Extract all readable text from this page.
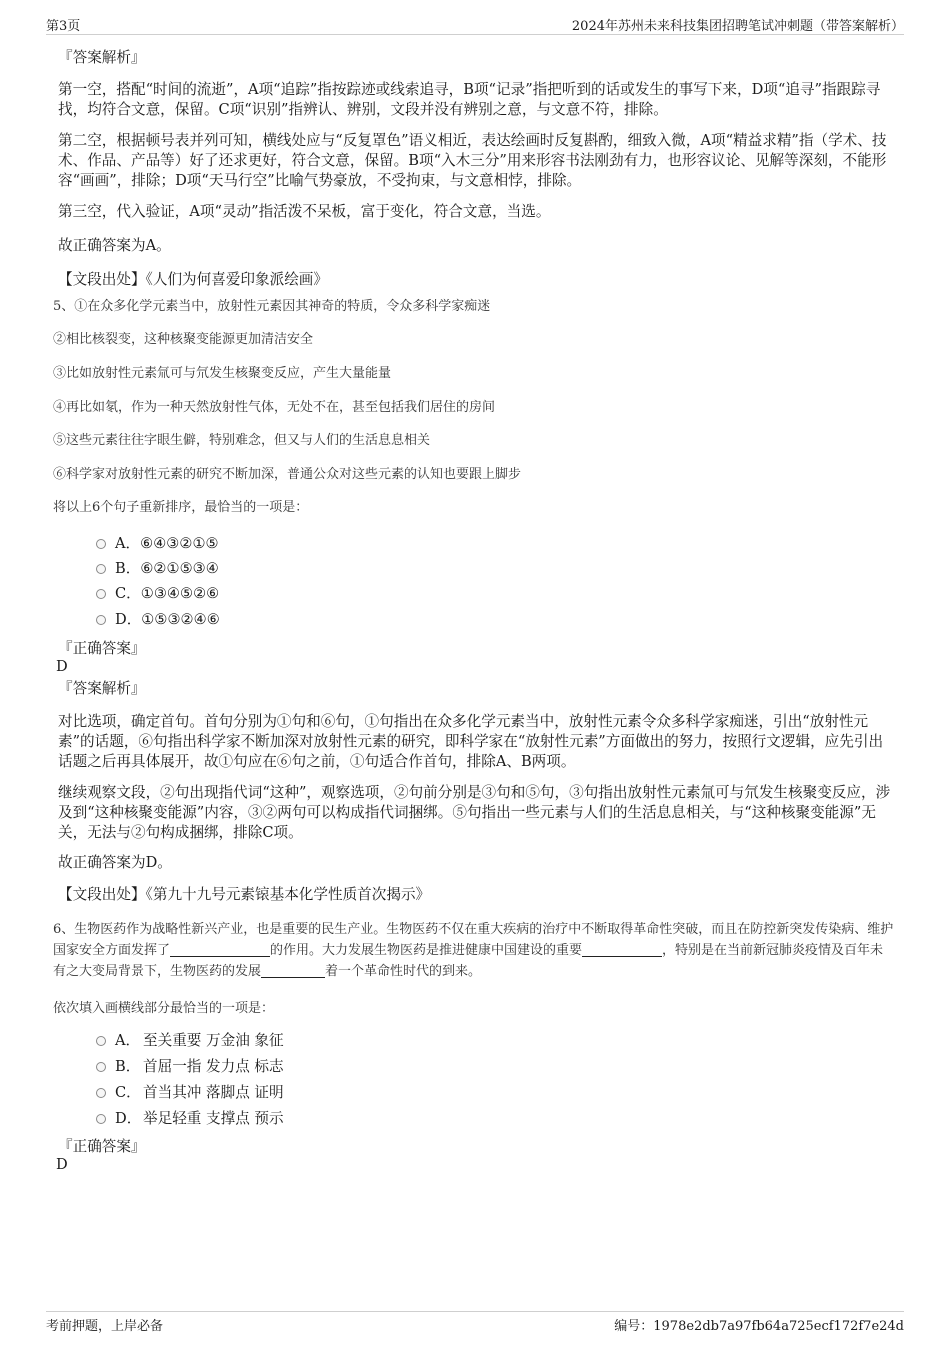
第3页	2024年苏州未来科技集团招聘笔试冲刺题（带答案解析）

『答案解析』

第一空，搭配“时间的流逝”，A项“追踪”指按踪迹或线索追寻，B项“记录”指把听到的话或发生的事写下来，D项“追寻”指跟踪寻找，均符合文意，保留。C项“识别”指辨认、辨别，文段并没有辨别之意，与文意不符，排除。

第二空，根据顿号表并列可知，横线处应与“反复罩色”语义相近，表达绘画时反复斟酌，细致入微，A项“精益求精”指（学术、技术、作品、产品等）好了还求更好，符合文意，保留。B项“入木三分”用来形容书法刚劲有力，也形容议论、见解等深刻，不能形容“画画”，排除；D项“天马行空”比喻气势豪放，不受拘束，与文意相悖，排除。

第三空，代入验证，A项“灵动”指活泼不呆板，富于变化，符合文意，当选。

故正确答案为A。

【文段出处】《人们为何喜爱印象派绘画》

5、①在众多化学元素当中，放射性元素因其神奇的特质，令众多科学家痴迷

②相比核裂变，这种核聚变能源更加清洁安全

③比如放射性元素氚可与氘发生核聚变反应，产生大量能量

④再比如氡，作为一种天然放射性气体，无处不在，甚至包括我们居住的房间

⑤这些元素往往字眼生僻，特别难念，但又与人们的生活息息相关

⑥科学家对放射性元素的研究不断加深，普通公众对这些元素的认知也要跟上脚步

将以上6个句子重新排序，最恰当的一项是：

A．⑥④③②①⑤
B．⑥②①⑤③④
C．①③④⑤②⑥
D．①⑤③②④⑥

『正确答案』

D

『答案解析』

对比选项，确定首句。首句分别为①句和⑥句，①句指出在众多化学元素当中，放射性元素令众多科学家痴迷，引出“放射性元素”的话题，⑥句指出科学家不断加深对放射性元素的研究，即科学家在“放射性元素”方面做出的努力，按照行文逻辑，应先引出话题之后再具体展开，故①句应在⑥句之前，①句适合作首句，排除A、B两项。

继续观察文段，②句出现指代词“这种”，观察选项，②句前分别是③句和⑤句，③句指出放射性元素氚可与氘发生核聚变反应，涉及到“这种核聚变能源”内容，③②两句可以构成指代词捆绑。⑤句指出一些元素与人们的生活息息相关，与“这种核聚变能源”无关，无法与②句构成捆绑，排除C项。

故正确答案为D。

【文段出处】《第九十九号元素锿基本化学性质首次揭示》

6、生物医药作为战略性新兴产业，也是重要的民生产业。生物医药不仅在重大疾病的治疗中不断取得革命性突破，而且在防控新突发传染病、维护国家安全方面发挥了	的作用。大力发展生物医药是推进健康中国建设的重要	，特别是在当前新冠肺炎疫情及百年未有之大变局背景下，生物医药的发展	着一个革命性时代的到来。

依次填入画横线部分最恰当的一项是：

A． 至关重要 万金油 象征
B． 首屈一指 发力点 标志
C． 首当其冲 落脚点 证明
D． 举足轻重 支撑点 预示

『正确答案』

D

考前押题，上岸必备	编号：1978e2db7a97fb64a725ecf172f7e24d
